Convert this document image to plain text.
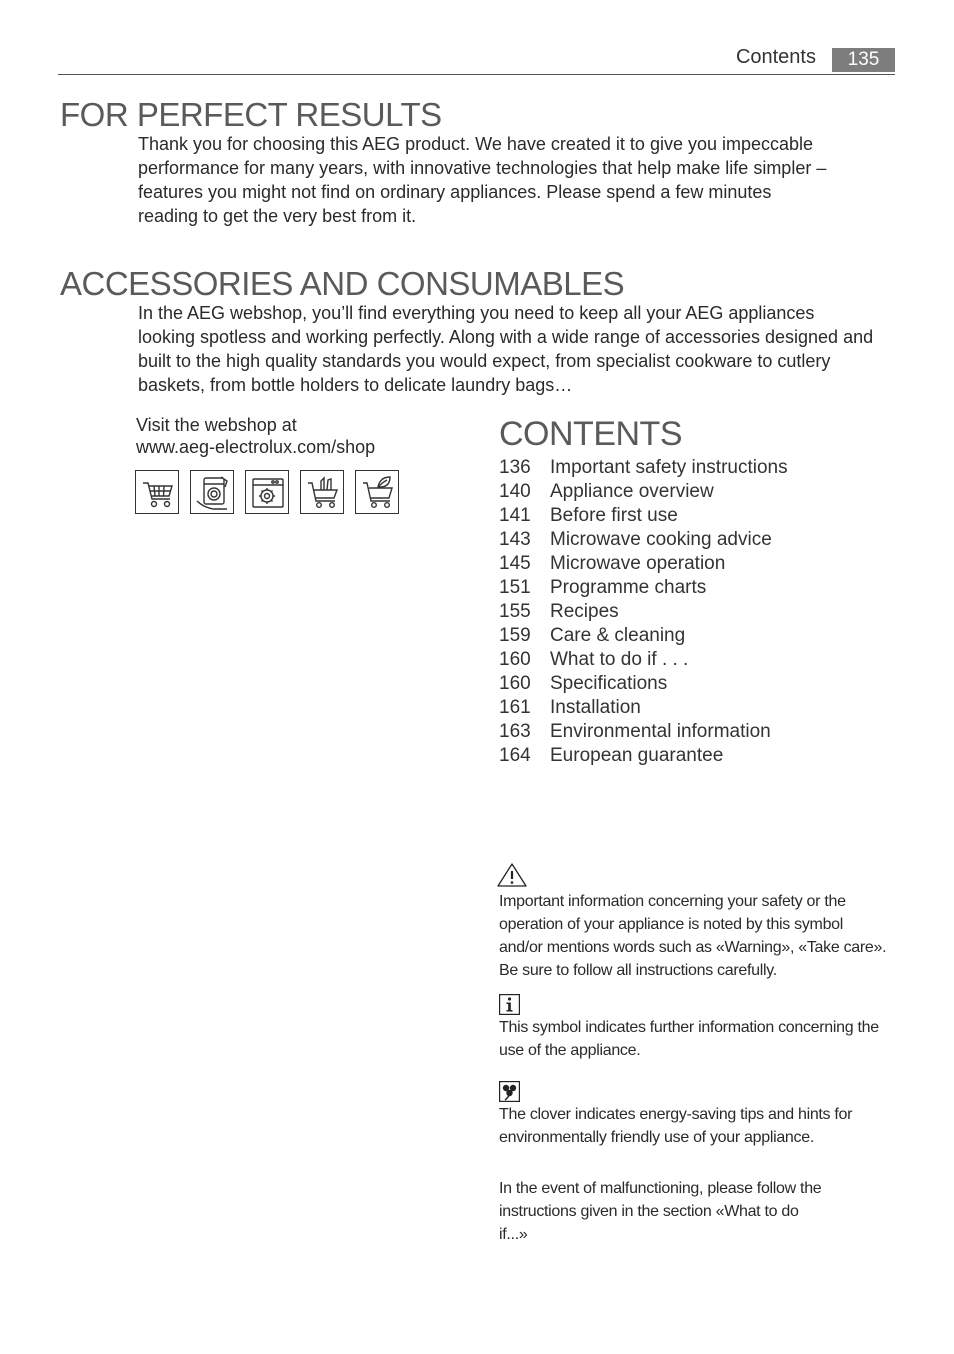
Contents	135
FOR PERFECT RESULTS
Thank you for choosing this AEG product. We have created it to give you impeccable
performance for many years, with innovative technologies that help make life simpler –
features you might not find on ordinary appliances. Please spend a few minutes
reading to get the very best from it.
ACCESSORIES AND CONSUMABLES
In the AEG webshop, you’ll find everything you need to keep all your AEG appliances
looking spotless and working perfectly. Along with a wide range of accessories designed and
built to the high quality standards you would expect, from specialist cookware to cutlery
baskets, from bottle holders to delicate laundry bags…
Visit the webshop at
www.aeg-electrolux.com/shop	CONTENTS
136	Important safety instructions
140	Appliance overview
141	Before first use
143	Microwave cooking advice
145	Microwave operation
151	Programme charts
155	Recipes
159	Care & cleaning
160	What to do if . . .
160	Specifications
161	Installation
163	Environmental information
164	European guarantee
Important information concerning your safety or the
operation of your appliance is noted by this symbol
and/or mentions words such as «Warning», «Take care».
Be sure to follow all instructions carefully.
This symbol indicates further information concerning the
use of the appliance.
The clover indicates energy-saving tips and hints for
environmentally friendly use of your appliance.
In the event of malfunctioning, please follow the
instructions given in the section «What to do
if...»
